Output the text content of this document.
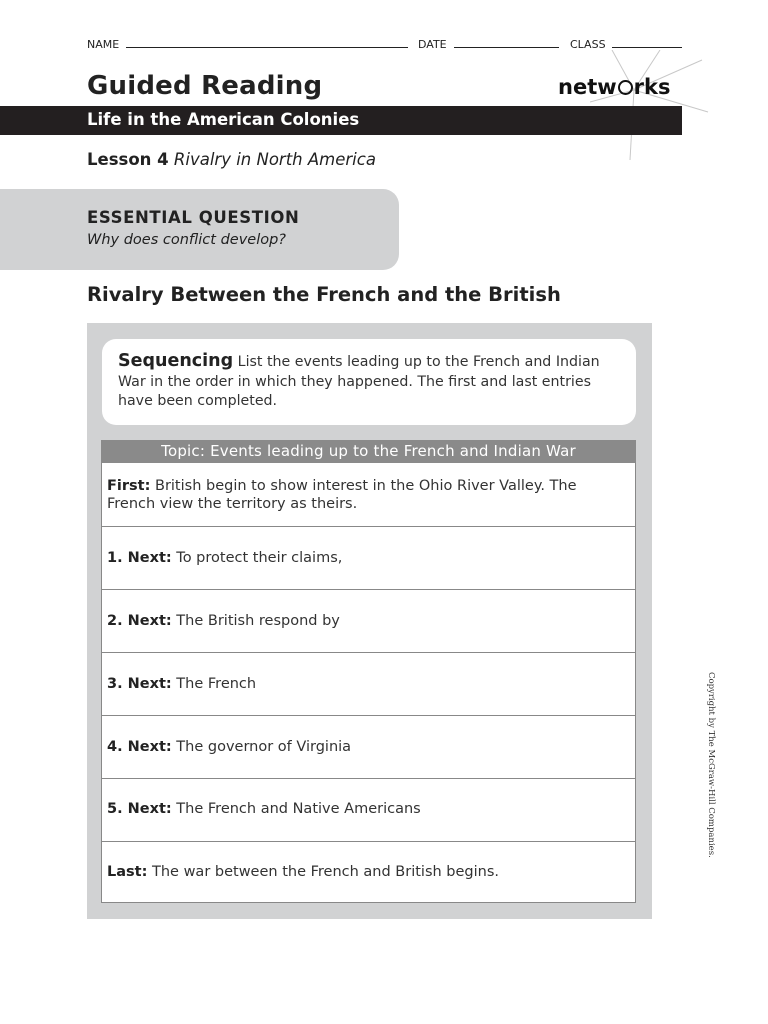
NAME	DATE	CLASS
Guided Reading	netw rks
Life in the American Colonies
Lesson 4 Rivalry in North America
ESSENTIAL QUESTION
Why does conflict develop?
Rivalry Between the French and the British
Sequencing List the events leading up to the French and Indian War in the order in which they happened. The first and last entries have been completed.
Topic: Events leading up to the French and Indian War
First: British begin to show interest in the Ohio River Valley. The French view the territory as theirs.
1. Next: To protect their claims,
2. Next: The British respond by
3. Next: The French
4. Next: The governor of Virginia
5. Next: The French and Native Americans
Last: The war between the French and British begins.
Copyright by The McGraw-Hill Companies.
